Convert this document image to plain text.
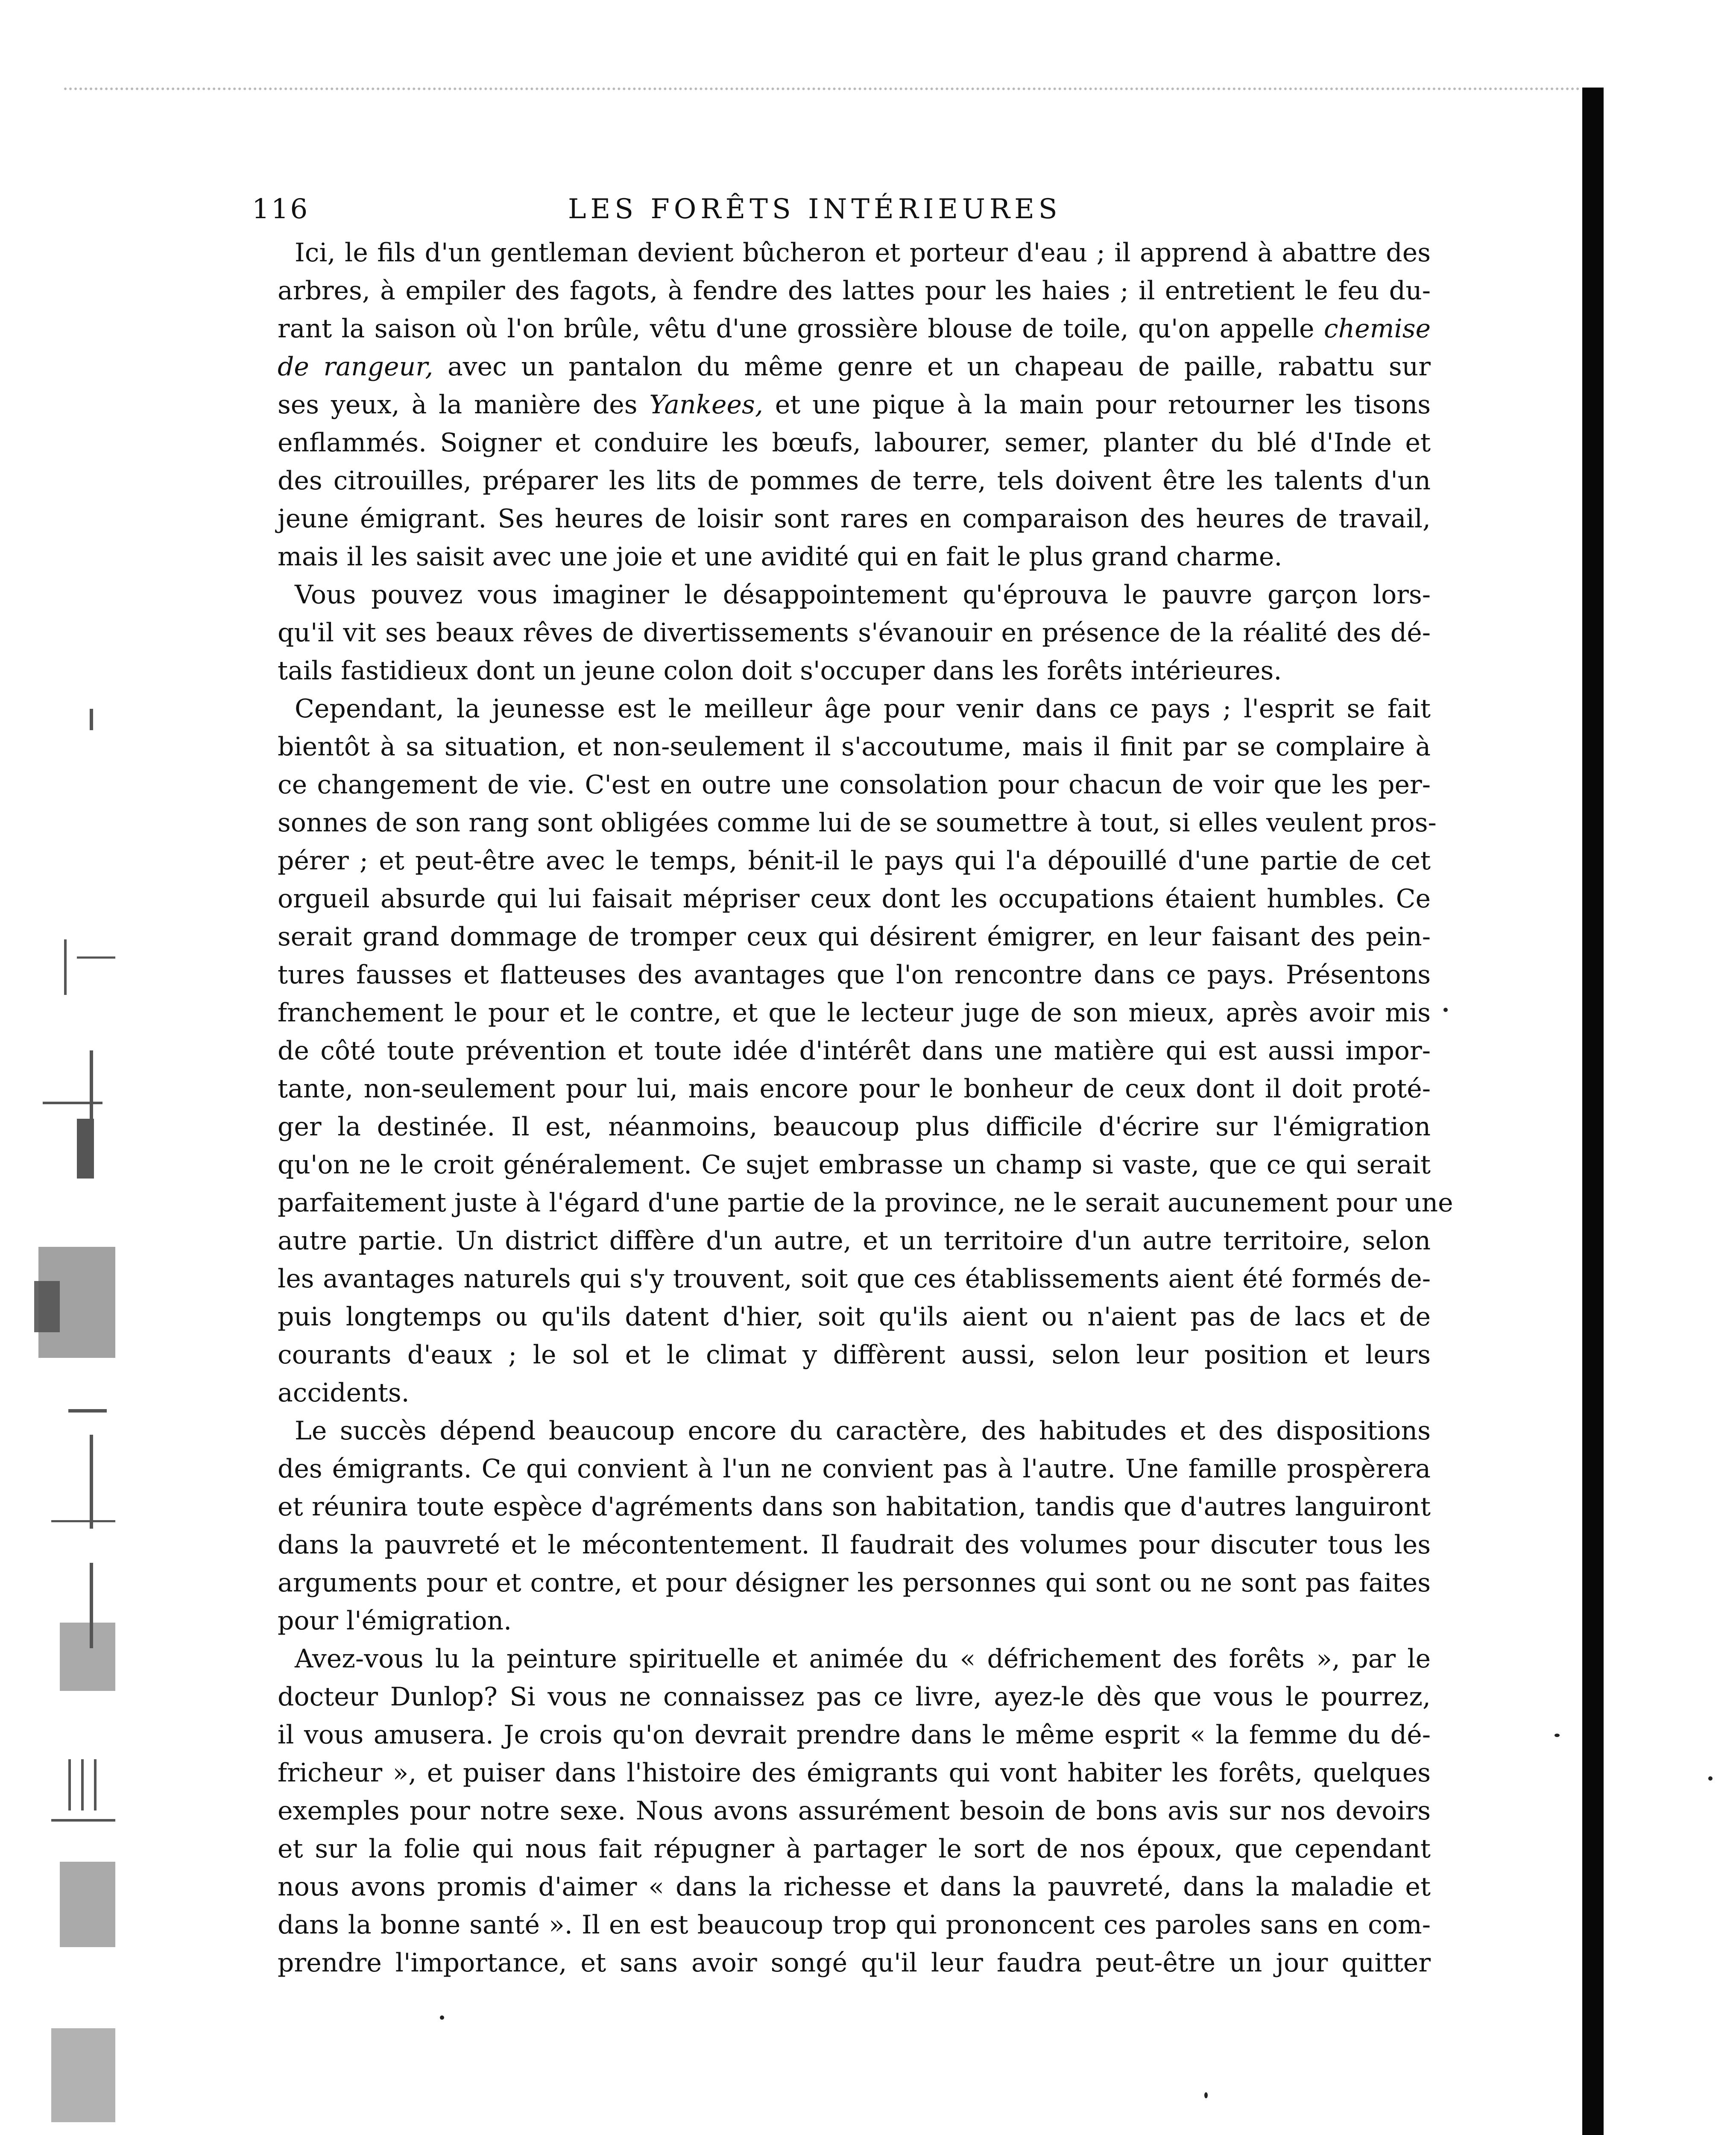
116	LES FORÊTS INTÉRIEURES
Ici, le fils d'un gentleman devient bûcheron et porteur d'eau ; il apprend à abattre des
arbres, à empiler des fagots, à fendre des lattes pour les haies ; il entretient le feu du-
rant la saison où l'on brûle, vêtu d'une grossière blouse de toile, qu'on appelle chemise
de rangeur, avec un pantalon du même genre et un chapeau de paille, rabattu sur
ses yeux, à la manière des Yankees, et une pique à la main pour retourner les tisons
enflammés. Soigner et conduire les bœufs, labourer, semer, planter du blé d'Inde et
des citrouilles, préparer les lits de pommes de terre, tels doivent être les talents d'un
jeune émigrant. Ses heures de loisir sont rares en comparaison des heures de travail,
mais il les saisit avec une joie et une avidité qui en fait le plus grand charme.
Vous pouvez vous imaginer le désappointement qu'éprouva le pauvre garçon lors-
qu'il vit ses beaux rêves de divertissements s'évanouir en présence de la réalité des dé-
tails fastidieux dont un jeune colon doit s'occuper dans les forêts intérieures.
Cependant, la jeunesse est le meilleur âge pour venir dans ce pays ; l'esprit se fait
bientôt à sa situation, et non-seulement il s'accoutume, mais il finit par se complaire à
ce changement de vie. C'est en outre une consolation pour chacun de voir que les per-
sonnes de son rang sont obligées comme lui de se soumettre à tout, si elles veulent pros-
pérer ; et peut-être avec le temps, bénit-il le pays qui l'a dépouillé d'une partie de cet
orgueil absurde qui lui faisait mépriser ceux dont les occupations étaient humbles. Ce
serait grand dommage de tromper ceux qui désirent émigrer, en leur faisant des pein-
tures fausses et flatteuses des avantages que l'on rencontre dans ce pays. Présentons
franchement le pour et le contre, et que le lecteur juge de son mieux, après avoir mis
de côté toute prévention et toute idée d'intérêt dans une matière qui est aussi impor-
tante, non-seulement pour lui, mais encore pour le bonheur de ceux dont il doit proté-
ger la destinée. Il est, néanmoins, beaucoup plus difficile d'écrire sur l'émigration
qu'on ne le croit généralement. Ce sujet embrasse un champ si vaste, que ce qui serait
parfaitement juste à l'égard d'une partie de la province, ne le serait aucunement pour une
autre partie. Un district diffère d'un autre, et un territoire d'un autre territoire, selon
les avantages naturels qui s'y trouvent, soit que ces établissements aient été formés de-
puis longtemps ou qu'ils datent d'hier, soit qu'ils aient ou n'aient pas de lacs et de
courants d'eaux ; le sol et le climat y diffèrent aussi, selon leur position et leurs
accidents.
Le succès dépend beaucoup encore du caractère, des habitudes et des dispositions
des émigrants. Ce qui convient à l'un ne convient pas à l'autre. Une famille prospèrera
et réunira toute espèce d'agréments dans son habitation, tandis que d'autres languiront
dans la pauvreté et le mécontentement. Il faudrait des volumes pour discuter tous les
arguments pour et contre, et pour désigner les personnes qui sont ou ne sont pas faites
pour l'émigration.
Avez-vous lu la peinture spirituelle et animée du « défrichement des forêts », par le
docteur Dunlop? Si vous ne connaissez pas ce livre, ayez-le dès que vous le pourrez,
il vous amusera. Je crois qu'on devrait prendre dans le même esprit « la femme du dé-
fricheur », et puiser dans l'histoire des émigrants qui vont habiter les forêts, quelques
exemples pour notre sexe. Nous avons assurément besoin de bons avis sur nos devoirs
et sur la folie qui nous fait répugner à partager le sort de nos époux, que cependant
nous avons promis d'aimer « dans la richesse et dans la pauvreté, dans la maladie et
dans la bonne santé ». Il en est beaucoup trop qui prononcent ces paroles sans en com-
prendre l'importance, et sans avoir songé qu'il leur faudra peut-être un jour quitter
